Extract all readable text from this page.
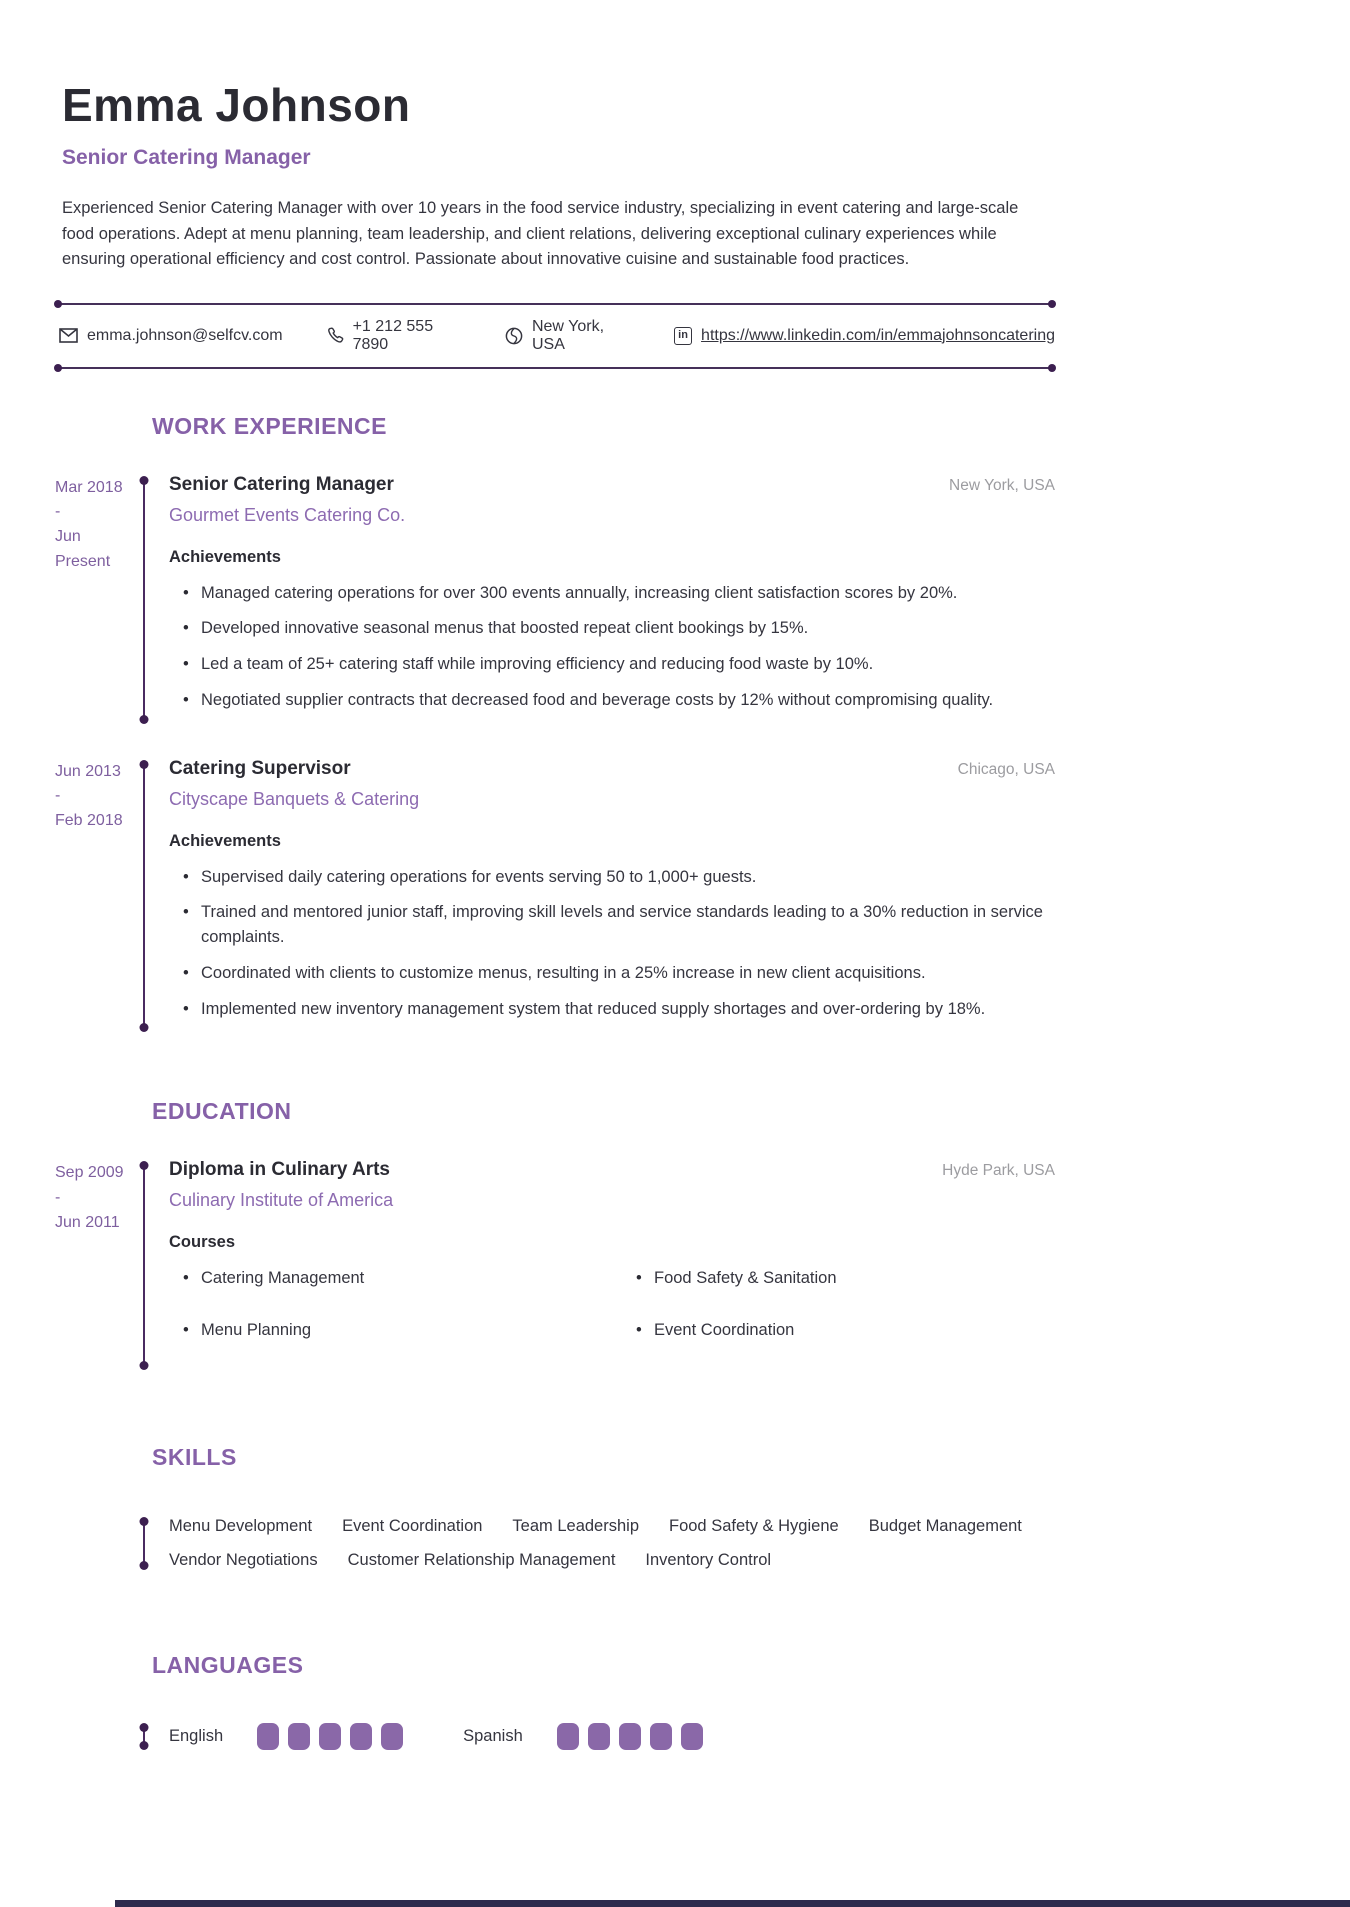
Emma Johnson
Senior Catering Manager

Experienced Senior Catering Manager with over 10 years in the food service industry, specializing in event catering and large-scale food operations. Adept at menu planning, team leadership, and client relations, delivering exceptional culinary experiences while ensuring operational efficiency and cost control. Passionate about innovative cuisine and sustainable food practices.

emma.johnson@selfcv.com
+1 212 555 7890
New York, USA
in https://www.linkedin.com/in/emmajohnsoncatering
WORK EXPERIENCE
Mar 2018
-
Jun
Present
Senior Catering Manager	New York, USA
Gourmet Events Catering Co.
Achievements
• Managed catering operations for over 300 events annually, increasing client satisfaction scores by 20%.
• Developed innovative seasonal menus that boosted repeat client bookings by 15%.
• Led a team of 25+ catering staff while improving efficiency and reducing food waste by 10%.
• Negotiated supplier contracts that decreased food and beverage costs by 12% without compromising quality.
Jun 2013
-
Feb 2018
Catering Supervisor	Chicago, USA
Cityscape Banquets & Catering
Achievements
• Supervised daily catering operations for events serving 50 to 1,000+ guests.
• Trained and mentored junior staff, improving skill levels and service standards leading to a 30% reduction in service complaints.
• Coordinated with clients to customize menus, resulting in a 25% increase in new client acquisitions.
• Implemented new inventory management system that reduced supply shortages and over-ordering by 18%.
EDUCATION
Sep 2009
-
Jun 2011
Diploma in Culinary Arts	Hyde Park, USA
Culinary Institute of America
Courses
• Catering Management
• Menu Planning
• Food Safety & Sanitation
• Event Coordination
SKILLS
Menu Development Event Coordination Team Leadership Food Safety & Hygiene Budget Management
Vendor Negotiations Customer Relationship Management Inventory Control
LANGUAGES
English	Spanish
